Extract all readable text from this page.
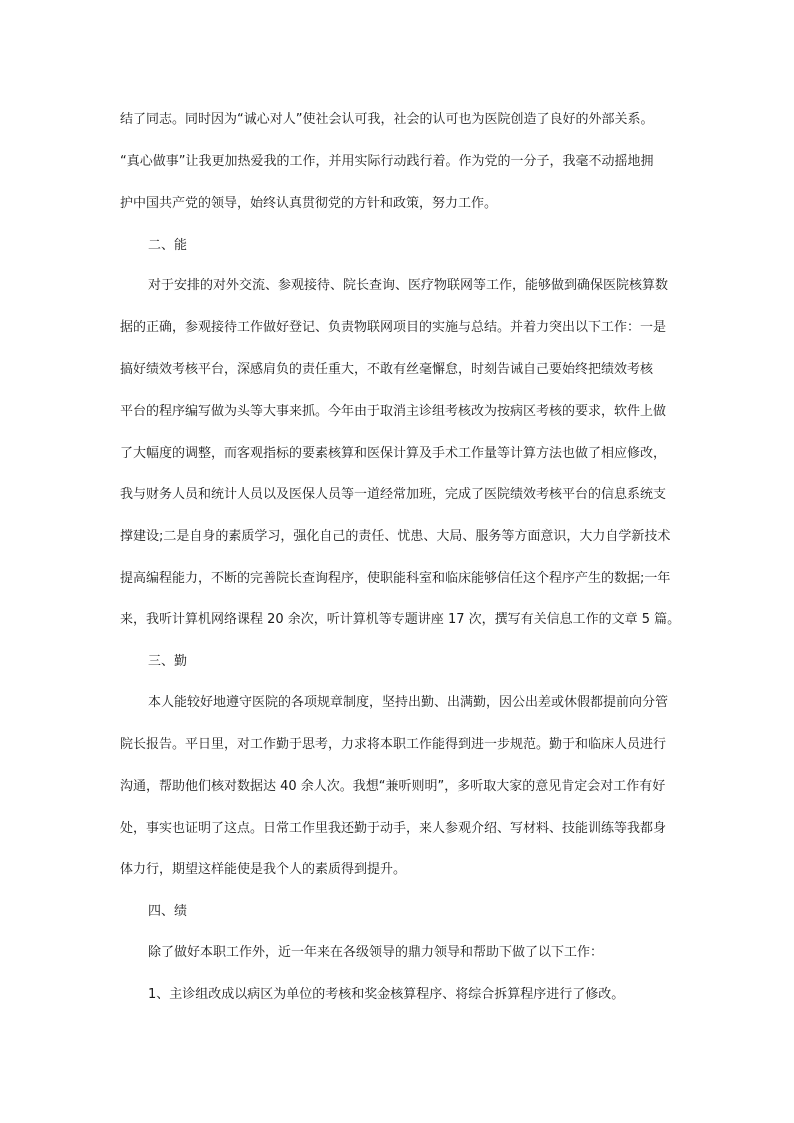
结了同志。同时因为“诚心对人”使社会认可我，社会的认可也为医院创造了良好的外部关系。
“真心做事”让我更加热爱我的工作，并用实际行动践行着。作为党的一分子，我毫不动摇地拥
护中国共产党的领导，始终认真贯彻党的方针和政策，努力工作。
二、能
对于安排的对外交流、参观接待、院长查询、医疗物联网等工作，能够做到确保医院核算数
据的正确，参观接待工作做好登记、负责物联网项目的实施与总结。并着力突出以下工作：一是
搞好绩效考核平台，深感肩负的责任重大，不敢有丝毫懈怠，时刻告诫自己要始终把绩效考核
平台的程序编写做为头等大事来抓。今年由于取消主诊组考核改为按病区考核的要求，软件上做
了大幅度的调整，而客观指标的要素核算和医保计算及手术工作量等计算方法也做了相应修改，
我与财务人员和统计人员以及医保人员等一道经常加班，完成了医院绩效考核平台的信息系统支
撑建设;二是自身的素质学习，强化自己的责任、忧患、大局、服务等方面意识，大力自学新技术
提高编程能力，不断的完善院长查询程序，使职能科室和临床能够信任这个程序产生的数据;一年
来，我听计算机网络课程 20 余次，听计算机等专题讲座 17 次，撰写有关信息工作的文章 5 篇。
三、勤
本人能较好地遵守医院的各项规章制度，坚持出勤、出满勤，因公出差或休假都提前向分管
院长报告。平日里，对工作勤于思考，力求将本职工作能得到进一步规范。勤于和临床人员进行
沟通，帮助他们核对数据达 40 余人次。我想“兼听则明”，多听取大家的意见肯定会对工作有好
处，事实也证明了这点。日常工作里我还勤于动手，来人参观介绍、写材料、技能训练等我都身
体力行，期望这样能使是我个人的素质得到提升。
四、绩
除了做好本职工作外，近一年来在各级领导的鼎力领导和帮助下做了以下工作：
1、主诊组改成以病区为单位的考核和奖金核算程序、将综合拆算程序进行了修改。
